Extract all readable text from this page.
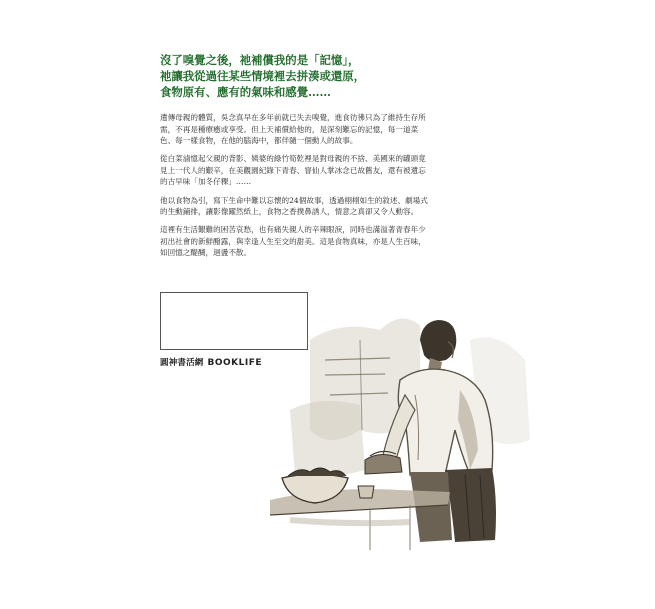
沒了嗅覺之後，祂補償我的是「記憶」，
祂讓我從過往某些情境裡去拼湊或還原，
食物原有、應有的氣味和感覺……
遺傳母親的體質，吳念真早在多年前就已失去嗅覺，進食彷彿只為了維持生存所
需，不再是種療癒或享受。但上天補償給他的，是深刻難忘的記憶，每一道菜
色、每一樣食物，在他的腦海中，都伴隨一個動人的故事。
從白菜滷憶起父親的背影、姨婆的綠竹筍乾裡是對母親的不捨、美國來的罐頭竟
見上一代人的艱辛，在美觀園紀錄下青春、窨仙人掌冰念已故舊友，還有被遺忘
的古早味「加冬仔粿」……
他以食物為引，寫下生命中難以忘懷的24個故事，透過栩栩如生的敘述、劇場式
的生動鋪排，讓影像躍然紙上，食物之香撲鼻誘人，情意之真卻又令人動容。
這裡有生活艱難的困苦哀愁，也有痛失親人的辛辣眼淚，同時也滿溢著青春年少
初出社會的新鮮醱露，與幸逢人生至交的甜美。這是食物真味，亦是人生百味，
如回憶之醍醐，迴盪不散。
圓神書活網 BOOKLIFE
